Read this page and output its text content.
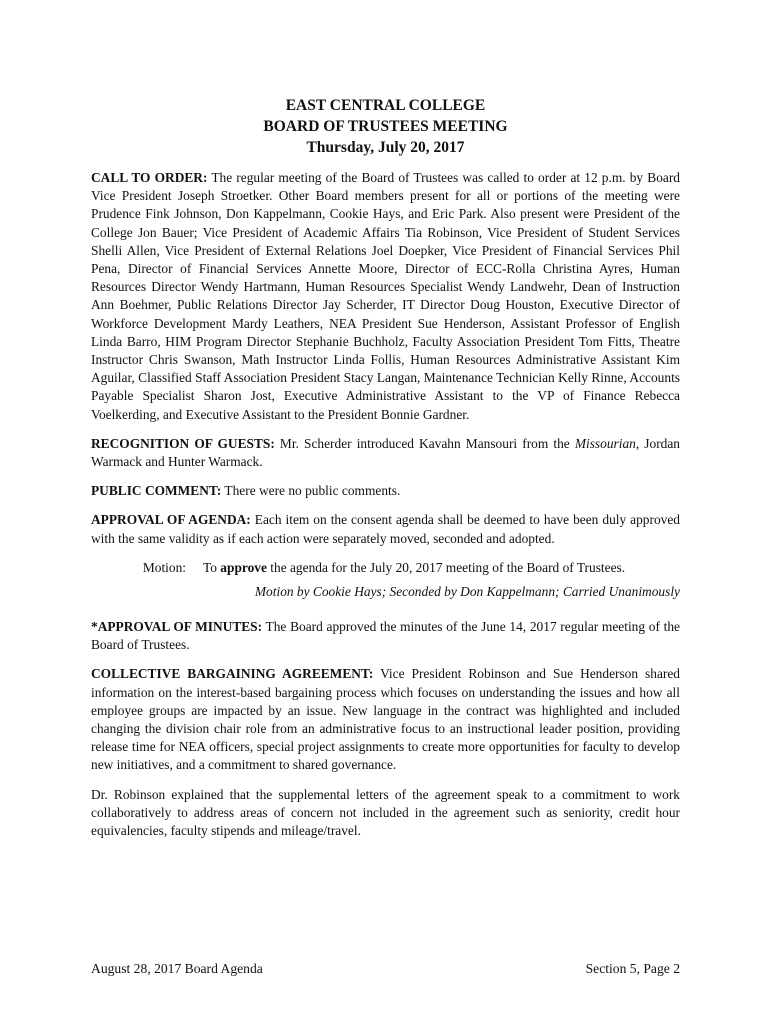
EAST CENTRAL COLLEGE
BOARD OF TRUSTEES MEETING
Thursday, July 20, 2017

CALL TO ORDER: The regular meeting of the Board of Trustees was called to order at 12 p.m. by Board Vice President Joseph Stroetker. Other Board members present for all or portions of the meeting were Prudence Fink Johnson, Don Kappelmann, Cookie Hays, and Eric Park. Also present were President of the College Jon Bauer; Vice President of Academic Affairs Tia Robinson, Vice President of Student Services Shelli Allen, Vice President of External Relations Joel Doepker, Vice President of Financial Services Phil Pena, Director of Financial Services Annette Moore, Director of ECC-Rolla Christina Ayres, Human Resources Director Wendy Hartmann, Human Resources Specialist Wendy Landwehr, Dean of Instruction Ann Boehmer, Public Relations Director Jay Scherder, IT Director Doug Houston, Executive Director of Workforce Development Mardy Leathers, NEA President Sue Henderson, Assistant Professor of English Linda Barro, HIM Program Director Stephanie Buchholz, Faculty Association President Tom Fitts, Theatre Instructor Chris Swanson, Math Instructor Linda Follis, Human Resources Administrative Assistant Kim Aguilar, Classified Staff Association President Stacy Langan, Maintenance Technician Kelly Rinne, Accounts Payable Specialist Sharon Jost, Executive Administrative Assistant to the VP of Finance Rebecca Voelkerding, and Executive Assistant to the President Bonnie Gardner.

RECOGNITION OF GUESTS: Mr. Scherder introduced Kavahn Mansouri from the Missourian, Jordan Warmack and Hunter Warmack.

PUBLIC COMMENT: There were no public comments.

APPROVAL OF AGENDA: Each item on the consent agenda shall be deemed to have been duly approved with the same validity as if each action were separately moved, seconded and adopted.

Motion:	To approve the agenda for the July 20, 2017 meeting of the Board of Trustees.
Motion by Cookie Hays; Seconded by Don Kappelmann; Carried Unanimously

*APPROVAL OF MINUTES: The Board approved the minutes of the June 14, 2017 regular meeting of the Board of Trustees.

COLLECTIVE BARGAINING AGREEMENT: Vice President Robinson and Sue Henderson shared information on the interest-based bargaining process which focuses on understanding the issues and how all employee groups are impacted by an issue. New language in the contract was highlighted and included changing the division chair role from an administrative focus to an instructional leader position, providing release time for NEA officers, special project assignments to create more opportunities for faculty to develop new initiatives, and a commitment to shared governance.

Dr. Robinson explained that the supplemental letters of the agreement speak to a commitment to work collaboratively to address areas of concern not included in the agreement such as seniority, credit hour equivalencies, faculty stipends and mileage/travel.

August 28, 2017 Board Agenda	Section 5, Page 2
